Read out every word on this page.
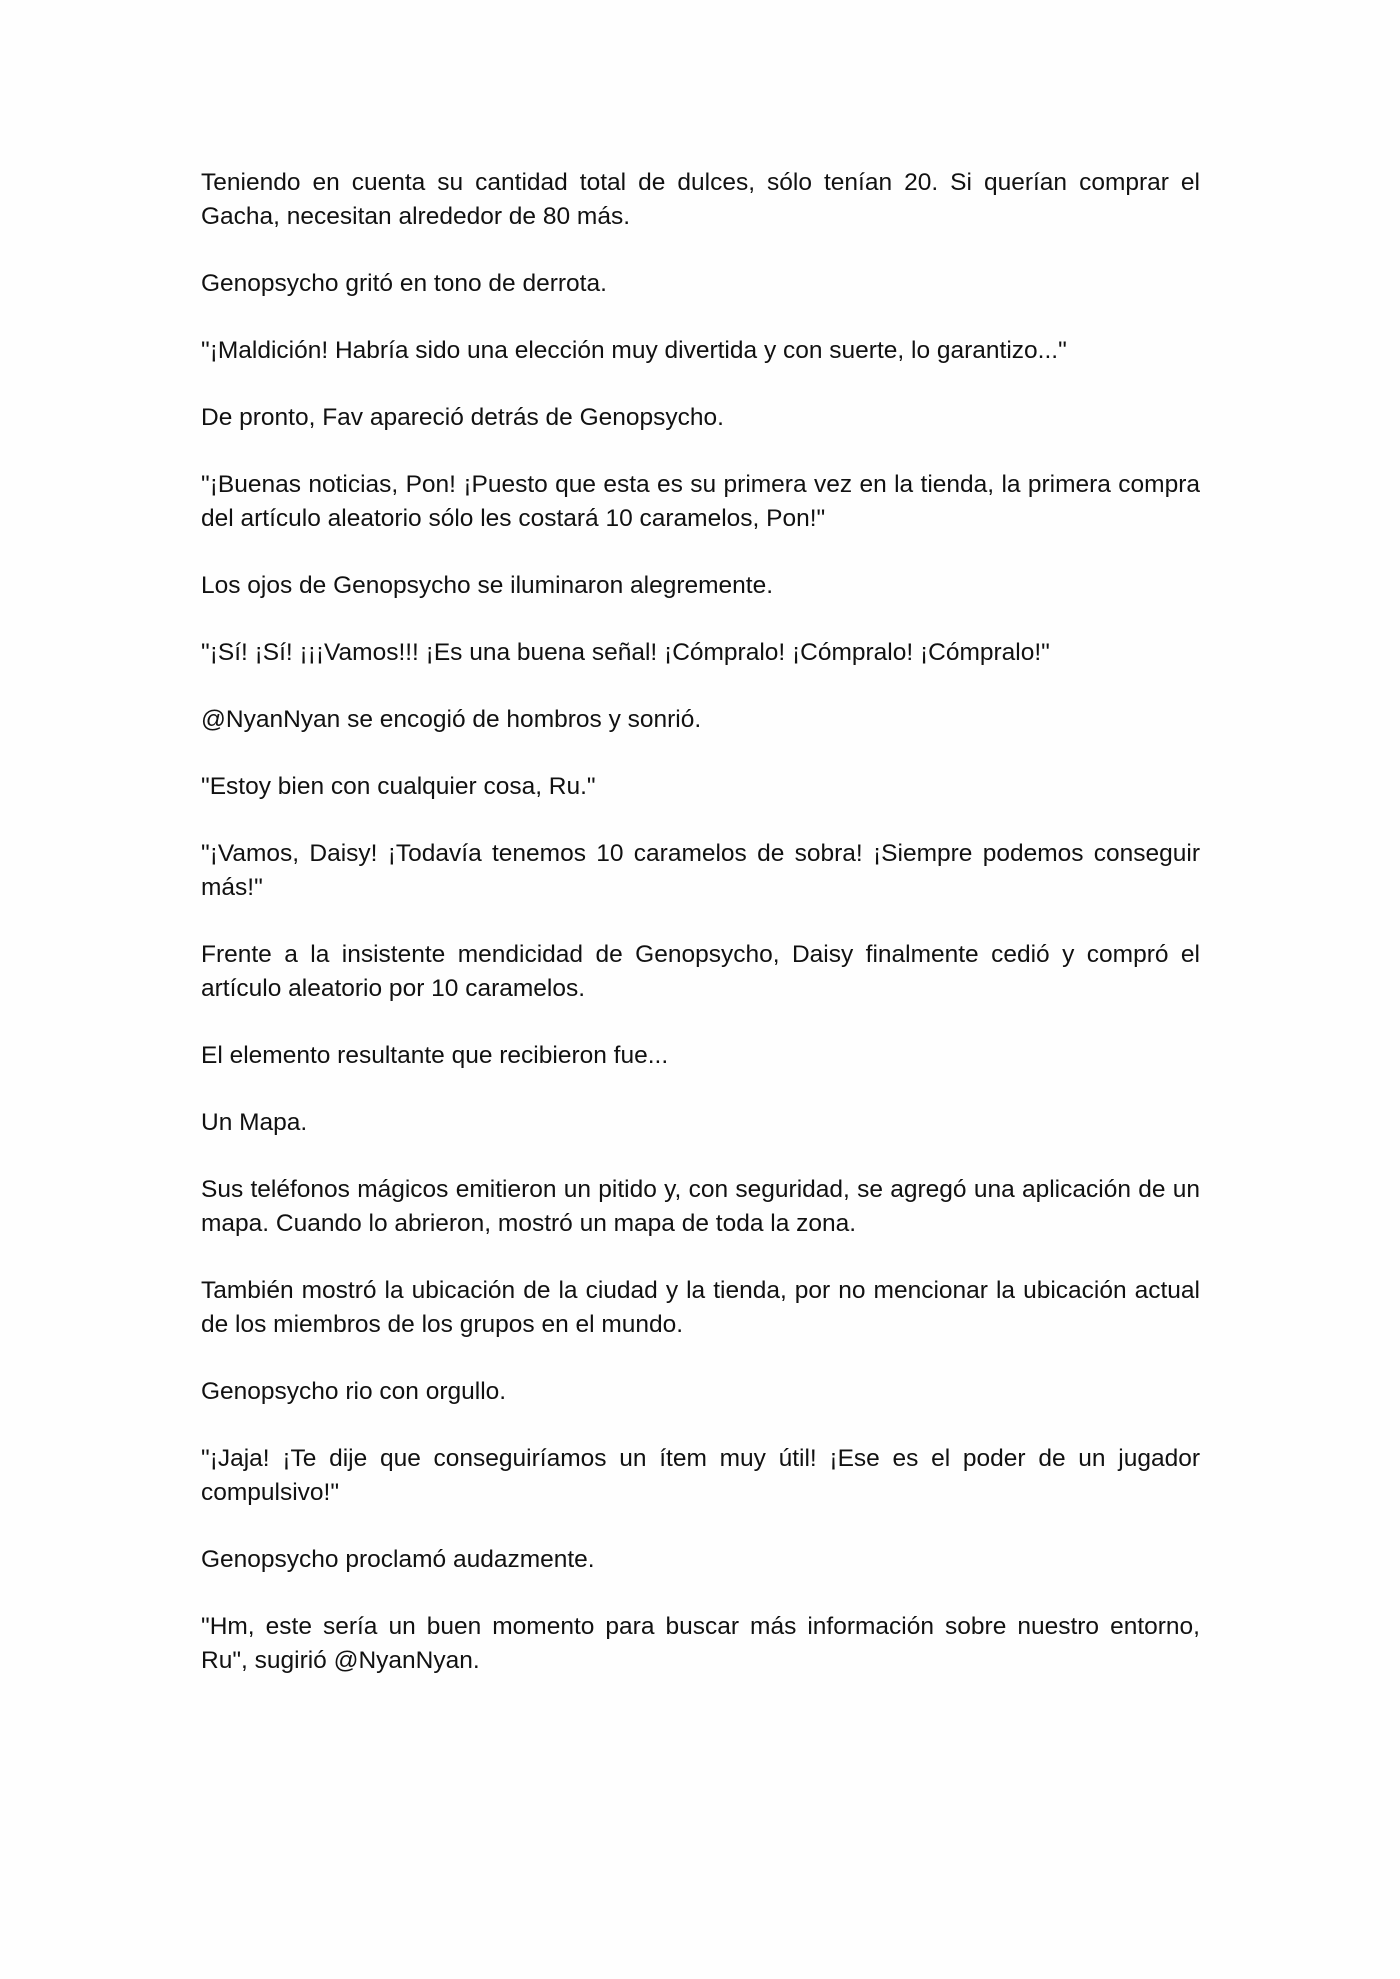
Teniendo en cuenta su cantidad total de dulces, sólo tenían 20. Si querían comprar el Gacha, necesitan alrededor de 80 más.

Genopsycho gritó en tono de derrota.

"¡Maldición! Habría sido una elección muy divertida y con suerte, lo garantizo..."

De pronto, Fav apareció detrás de Genopsycho.

"¡Buenas noticias, Pon! ¡Puesto que esta es su primera vez en la tienda, la primera compra del artículo aleatorio sólo les costará 10 caramelos, Pon!"

Los ojos de Genopsycho se iluminaron alegremente.

"¡Sí! ¡Sí! ¡¡¡Vamos!!! ¡Es una buena señal! ¡Cómpralo! ¡Cómpralo! ¡Cómpralo!"

@NyanNyan se encogió de hombros y sonrió.

"Estoy bien con cualquier cosa, Ru."

"¡Vamos, Daisy! ¡Todavía tenemos 10 caramelos de sobra! ¡Siempre podemos conseguir más!"

Frente a la insistente mendicidad de Genopsycho, Daisy finalmente cedió y compró el artículo aleatorio por 10 caramelos.

El elemento resultante que recibieron fue...

Un Mapa.

Sus teléfonos mágicos emitieron un pitido y, con seguridad, se agregó una aplicación de un mapa. Cuando lo abrieron, mostró un mapa de toda la zona.

También mostró la ubicación de la ciudad y la tienda, por no mencionar la ubicación actual de los miembros de los grupos en el mundo.

Genopsycho rio con orgullo.

"¡Jaja! ¡Te dije que conseguiríamos un ítem muy útil! ¡Ese es el poder de un jugador compulsivo!"

Genopsycho proclamó audazmente.

"Hm, este sería un buen momento para buscar más información sobre nuestro entorno, Ru", sugirió @NyanNyan.
